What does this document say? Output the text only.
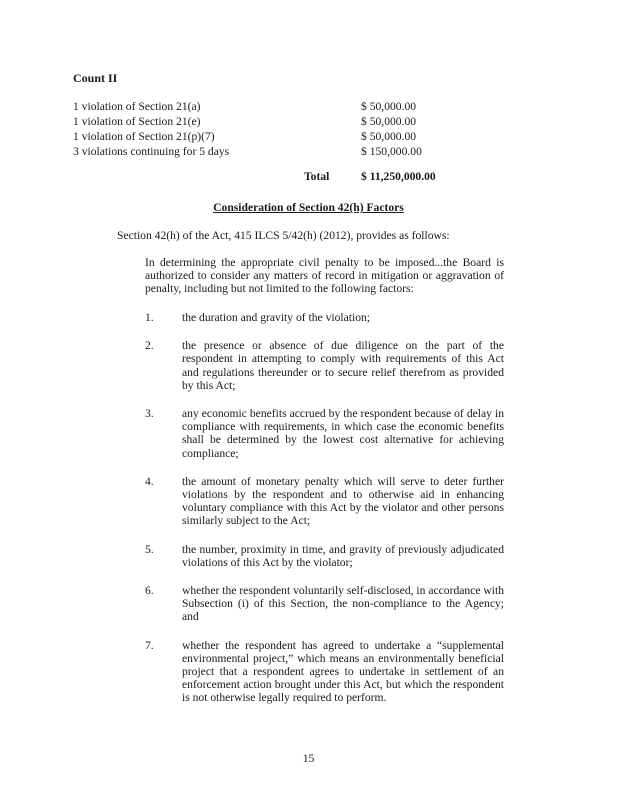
Count II
1 violation of Section 21(a)	$ 50,000.00
1 violation of Section 21(e)	$ 50,000.00
1 violation of Section 21(p)(7)	$ 50,000.00
3 violations continuing for 5 days	$ 150,000.00
Total	$ 11,250,000.00
Consideration of Section 42(h) Factors
Section 42(h) of the Act, 415 ILCS 5/42(h) (2012), provides as follows:
In determining the appropriate civil penalty to be imposed...the Board is authorized to consider any matters of record in mitigation or aggravation of penalty, including but not limited to the following factors:
1. the duration and gravity of the violation;
2. the presence or absence of due diligence on the part of the respondent in attempting to comply with requirements of this Act and regulations thereunder or to secure relief therefrom as provided by this Act;
3. any economic benefits accrued by the respondent because of delay in compliance with requirements, in which case the economic benefits shall be determined by the lowest cost alternative for achieving compliance;
4. the amount of monetary penalty which will serve to deter further violations by the respondent and to otherwise aid in enhancing voluntary compliance with this Act by the violator and other persons similarly subject to the Act;
5. the number, proximity in time, and gravity of previously adjudicated violations of this Act by the violator;
6. whether the respondent voluntarily self-disclosed, in accordance with Subsection (i) of this Section, the non-compliance to the Agency; and
7. whether the respondent has agreed to undertake a “supplemental environmental project,” which means an environmentally beneficial project that a respondent agrees to undertake in settlement of an enforcement action brought under this Act, but which the respondent is not otherwise legally required to perform.
15
